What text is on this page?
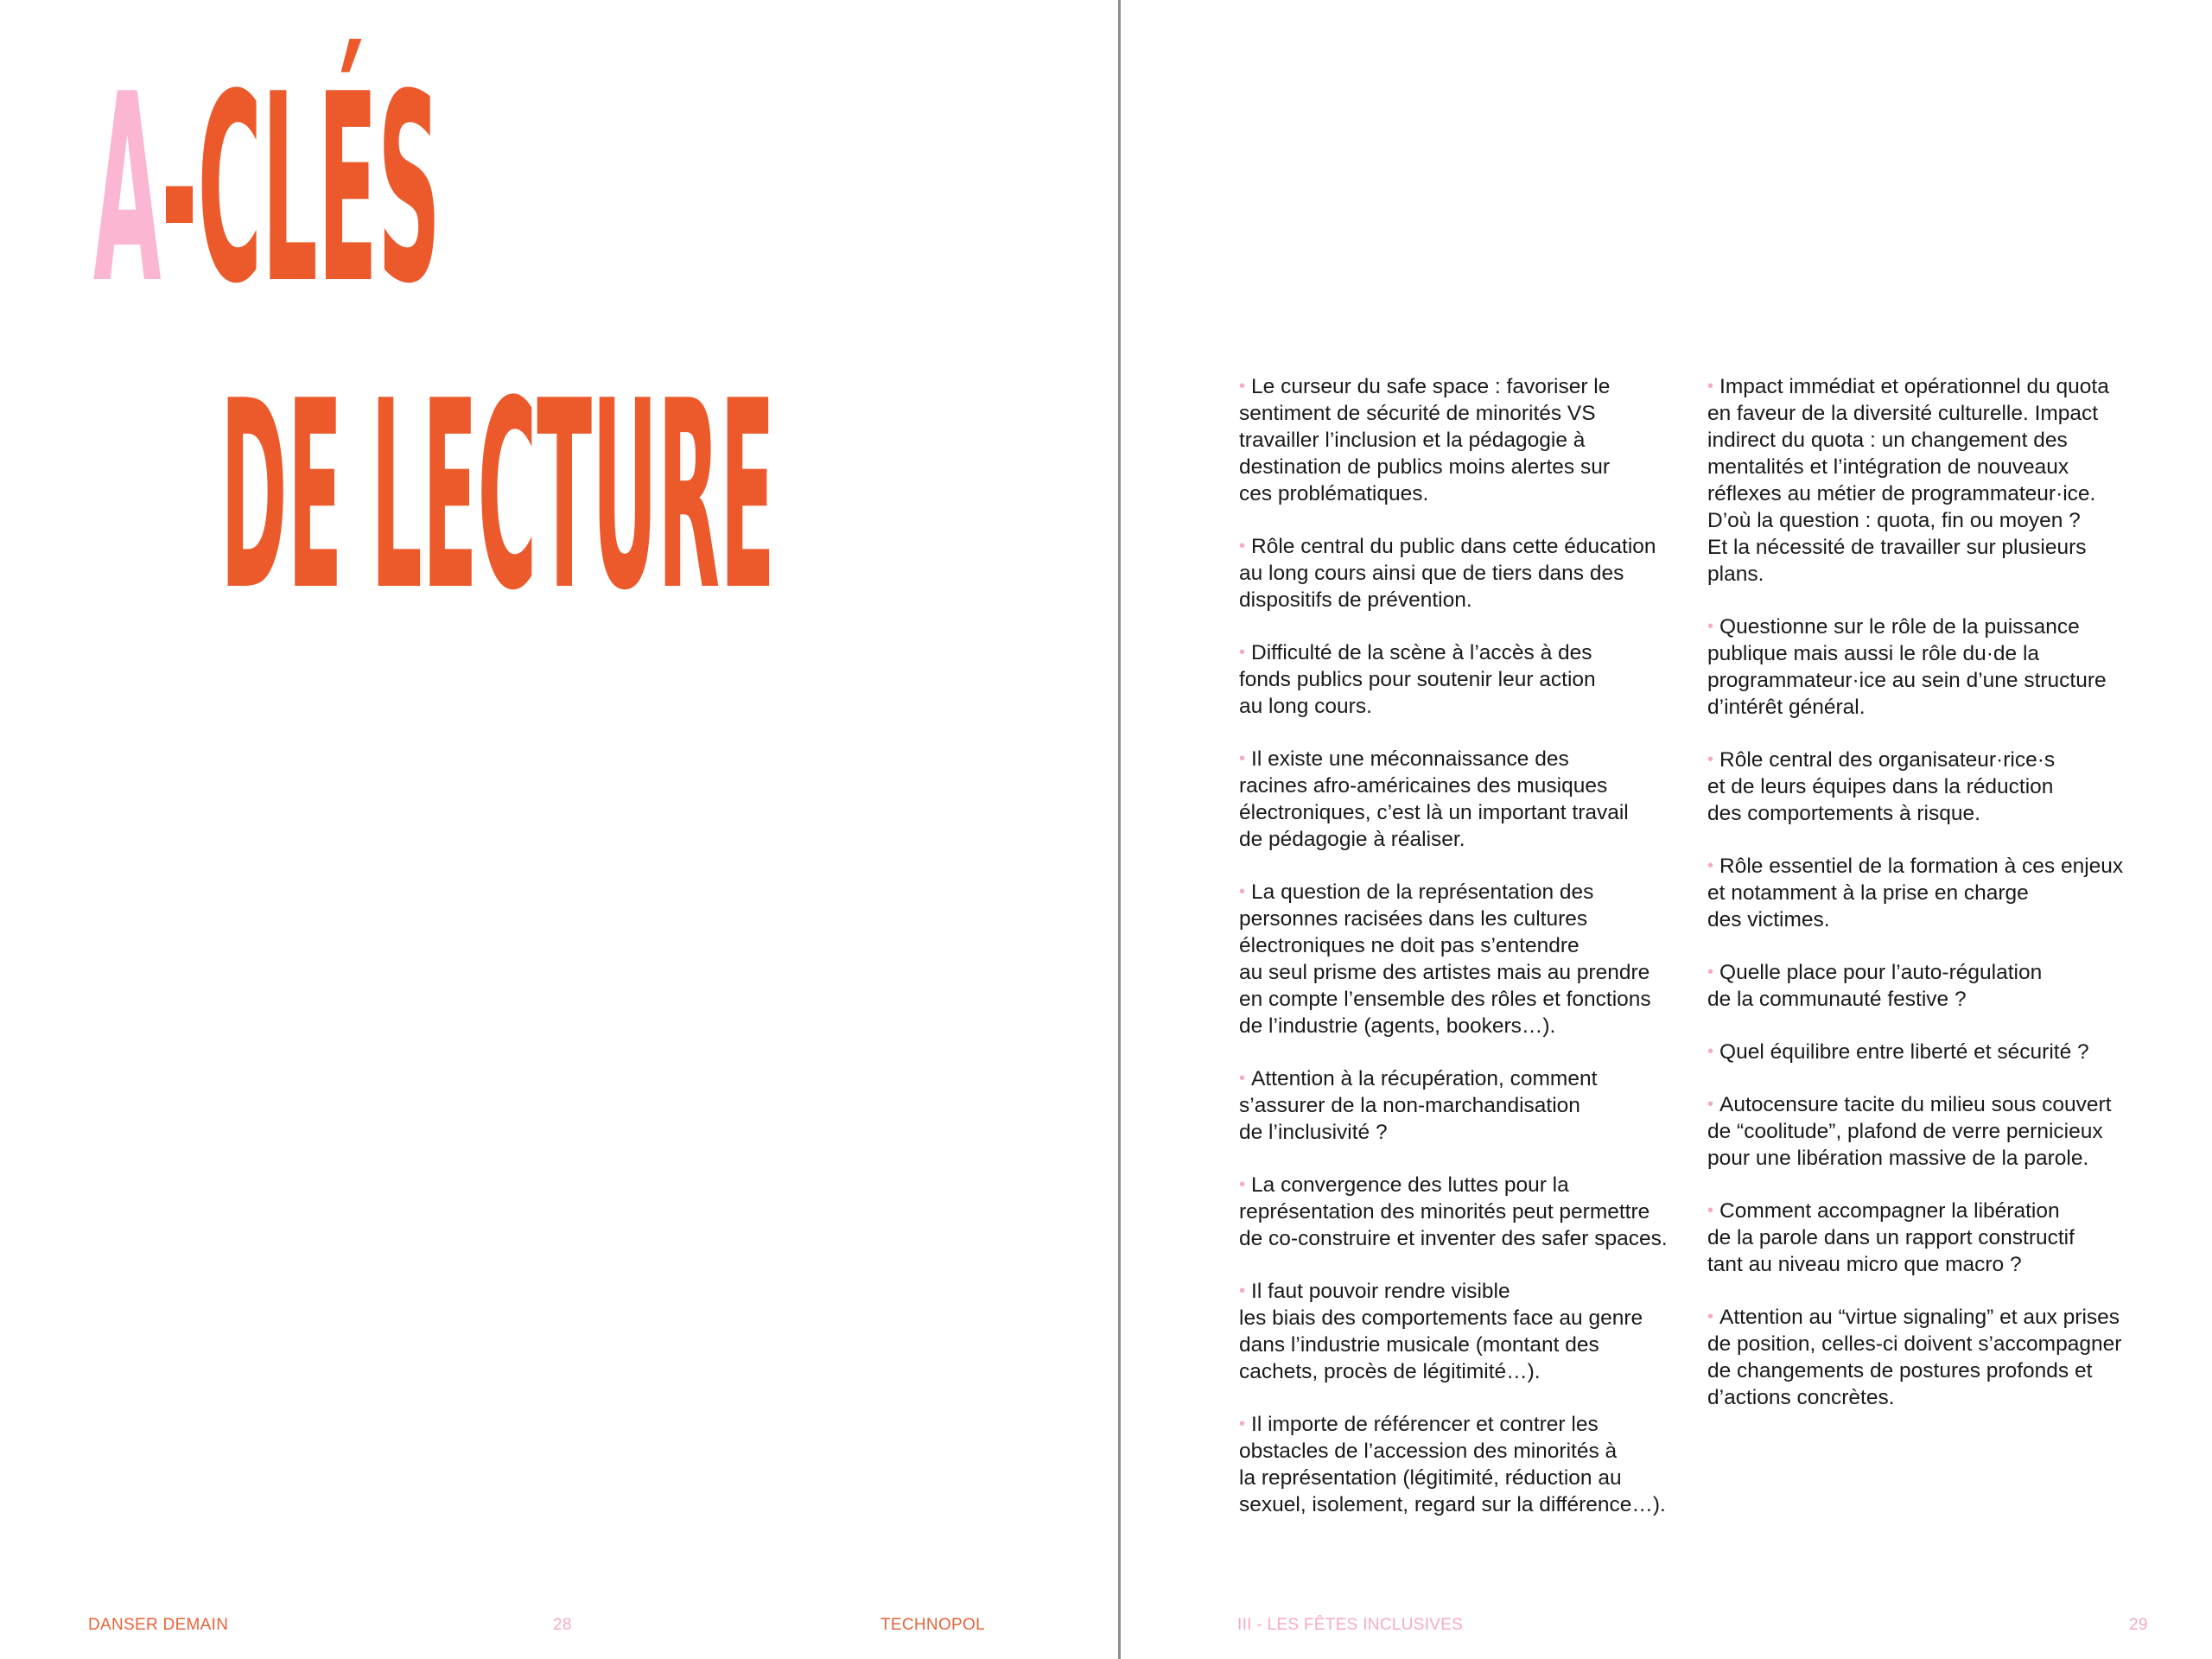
A-CLÉS
DE LECTURE	• Le curseur du safe space : favoriser le
sentiment de sécurité de minorités VS
travailler l’inclusion et la pédagogie à
destination de publics moins alertes sur
ces problématiques.

• Rôle central du public dans cette éducation
au long cours ainsi que de tiers dans des
dispositifs de prévention.

• Difficulté de la scène à l’accès à des
fonds publics pour soutenir leur action
au long cours.

• Il existe une méconnaissance des
racines afro-américaines des musiques
électroniques, c’est là un important travail
de pédagogie à réaliser.

• La question de la représentation des
personnes racisées dans les cultures
électroniques ne doit pas s’entendre
au seul prisme des artistes mais au prendre
en compte l’ensemble des rôles et fonctions
de l’industrie (agents, bookers…).

• Attention à la récupération, comment
s’assurer de la non-marchandisation
de l’inclusivité ?

• La convergence des luttes pour la
représentation des minorités peut permettre
de co-construire et inventer des safer spaces.

• Il faut pouvoir rendre visible
les biais des comportements face au genre
dans l’industrie musicale (montant des
cachets, procès de légitimité…).

• Il importe de référencer et contrer les
obstacles de l’accession des minorités à
la représentation (légitimité, réduction au
sexuel, isolement, regard sur la différence…).

• Impact immédiat et opérationnel du quota
en faveur de la diversité culturelle. Impact
indirect du quota : un changement des
mentalités et l’intégration de nouveaux
réflexes au métier de programmateur·ice.
D’où la question : quota, fin ou moyen ?
Et la nécessité de travailler sur plusieurs
plans.

• Questionne sur le rôle de la puissance
publique mais aussi le rôle du·de la
programmateur·ice au sein d’une structure
d’intérêt général.

• Rôle central des organisateur·rice·s
et de leurs équipes dans la réduction
des comportements à risque.

• Rôle essentiel de la formation à ces enjeux
et notamment à la prise en charge
des victimes.

• Quelle place pour l’auto-régulation
de la communauté festive ?

• Quel équilibre entre liberté et sécurité ?

• Autocensure tacite du milieu sous couvert
de “coolitude”, plafond de verre pernicieux
pour une libération massive de la parole.

• Comment accompagner la libération
de la parole dans un rapport constructif
tant au niveau micro que macro ?

• Attention au “virtue signaling” et aux prises
de position, celles-ci doivent s’accompagner
de changements de postures profonds et
d’actions concrètes.

DANSER DEMAIN	28	TECHNOPOL	III - LES FÊTES INCLUSIVES	29
